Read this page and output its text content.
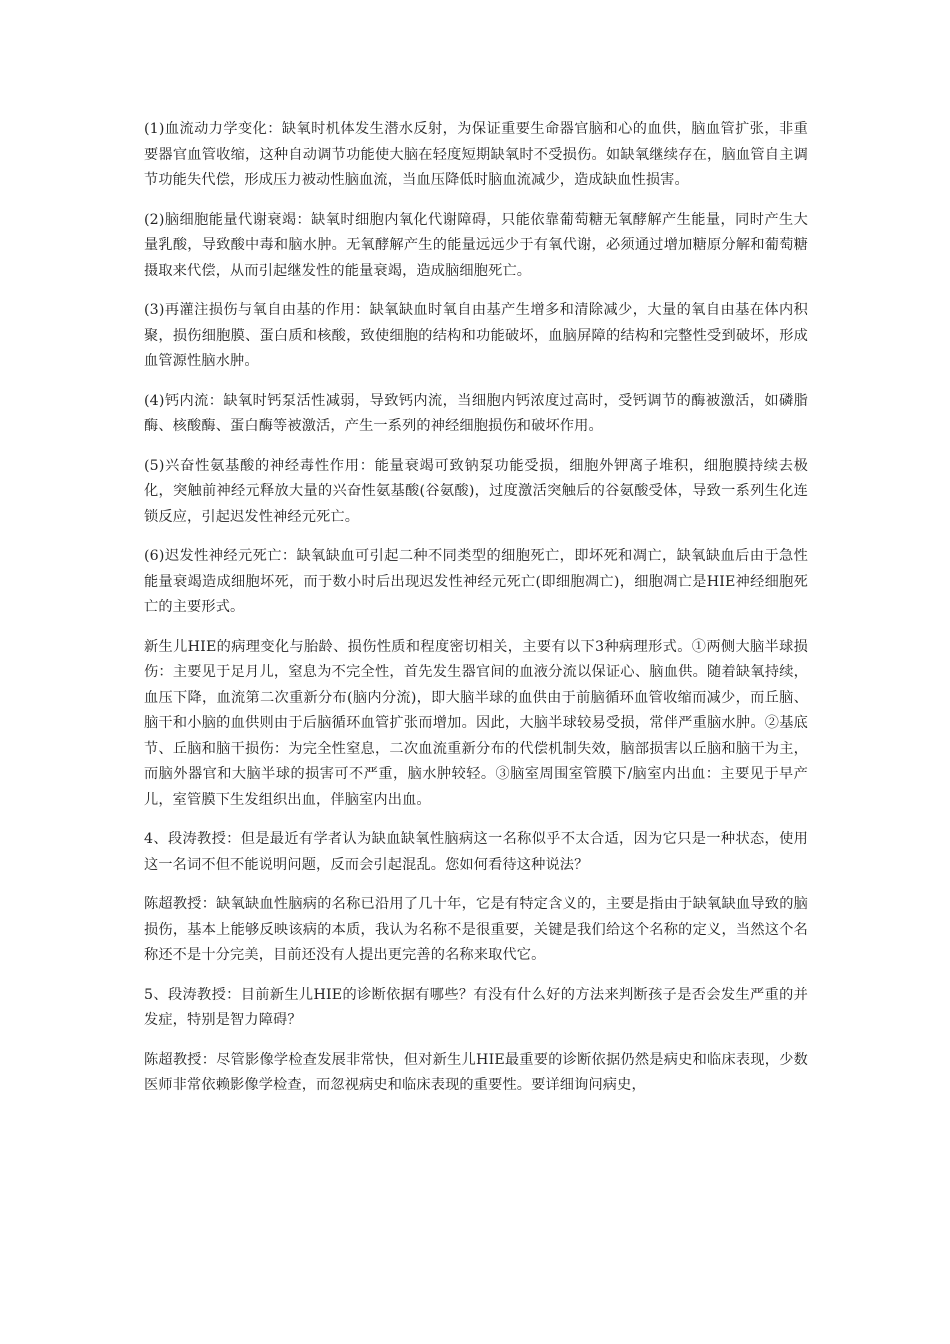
(1)血流动力学变化：缺氧时机体发生潜水反射，为保证重要生命器官脑和心的血供，脑血管扩张，非重要器官血管收缩，这种自动调节功能使大脑在轻度短期缺氧时不受损伤。如缺氧继续存在，脑血管自主调节功能失代偿，形成压力被动性脑血流，当血压降低时脑血流减少，造成缺血性损害。

(2)脑细胞能量代谢衰竭：缺氧时细胞内氧化代谢障碍，只能依靠葡萄糖无氧酵解产生能量，同时产生大量乳酸，导致酸中毒和脑水肿。无氧酵解产生的能量远远少于有氧代谢，必须通过增加糖原分解和葡萄糖摄取来代偿，从而引起继发性的能量衰竭，造成脑细胞死亡。

(3)再灌注损伤与氧自由基的作用：缺氧缺血时氧自由基产生增多和清除减少，大量的氧自由基在体内积聚，损伤细胞膜、蛋白质和核酸，致使细胞的结构和功能破坏，血脑屏障的结构和完整性受到破坏，形成血管源性脑水肿。

(4)钙内流：缺氧时钙泵活性减弱，导致钙内流，当细胞内钙浓度过高时，受钙调节的酶被激活，如磷脂酶、核酸酶、蛋白酶等被激活，产生一系列的神经细胞损伤和破坏作用。

(5)兴奋性氨基酸的神经毒性作用：能量衰竭可致钠泵功能受损，细胞外钾离子堆积，细胞膜持续去极化，突触前神经元释放大量的兴奋性氨基酸(谷氨酸)，过度激活突触后的谷氨酸受体，导致一系列生化连锁反应，引起迟发性神经元死亡。

(6)迟发性神经元死亡：缺氧缺血可引起二种不同类型的细胞死亡，即坏死和凋亡，缺氧缺血后由于急性能量衰竭造成细胞坏死，而于数小时后出现迟发性神经元死亡(即细胞凋亡)，细胞凋亡是HIE神经细胞死亡的主要形式。

新生儿HIE的病理变化与胎龄、损伤性质和程度密切相关，主要有以下3种病理形式。①两侧大脑半球损伤：主要见于足月儿，窒息为不完全性，首先发生器官间的血液分流以保证心、脑血供。随着缺氧持续，血压下降，血流第二次重新分布(脑内分流)，即大脑半球的血供由于前脑循环血管收缩而减少，而丘脑、脑干和小脑的血供则由于后脑循环血管扩张而增加。因此，大脑半球较易受损，常伴严重脑水肿。②基底节、丘脑和脑干损伤：为完全性窒息，二次血流重新分布的代偿机制失效，脑部损害以丘脑和脑干为主，而脑外器官和大脑半球的损害可不严重，脑水肿较轻。③脑室周围室管膜下/脑室内出血：主要见于早产儿，室管膜下生发组织出血，伴脑室内出血。

4、段涛教授：但是最近有学者认为缺血缺氧性脑病这一名称似乎不太合适，因为它只是一种状态，使用这一名词不但不能说明问题，反而会引起混乱。您如何看待这种说法？

陈超教授：缺氧缺血性脑病的名称已沿用了几十年，它是有特定含义的，主要是指由于缺氧缺血导致的脑损伤，基本上能够反映该病的本质，我认为名称不是很重要，关键是我们给这个名称的定义，当然这个名称还不是十分完美，目前还没有人提出更完善的名称来取代它。

5、段涛教授：目前新生儿HIE的诊断依据有哪些？有没有什么好的方法来判断孩子是否会发生严重的并发症，特别是智力障碍？

陈超教授：尽管影像学检查发展非常快，但对新生儿HIE最重要的诊断依据仍然是病史和临床表现，少数医师非常依赖影像学检查，而忽视病史和临床表现的重要性。要详细询问病史，
